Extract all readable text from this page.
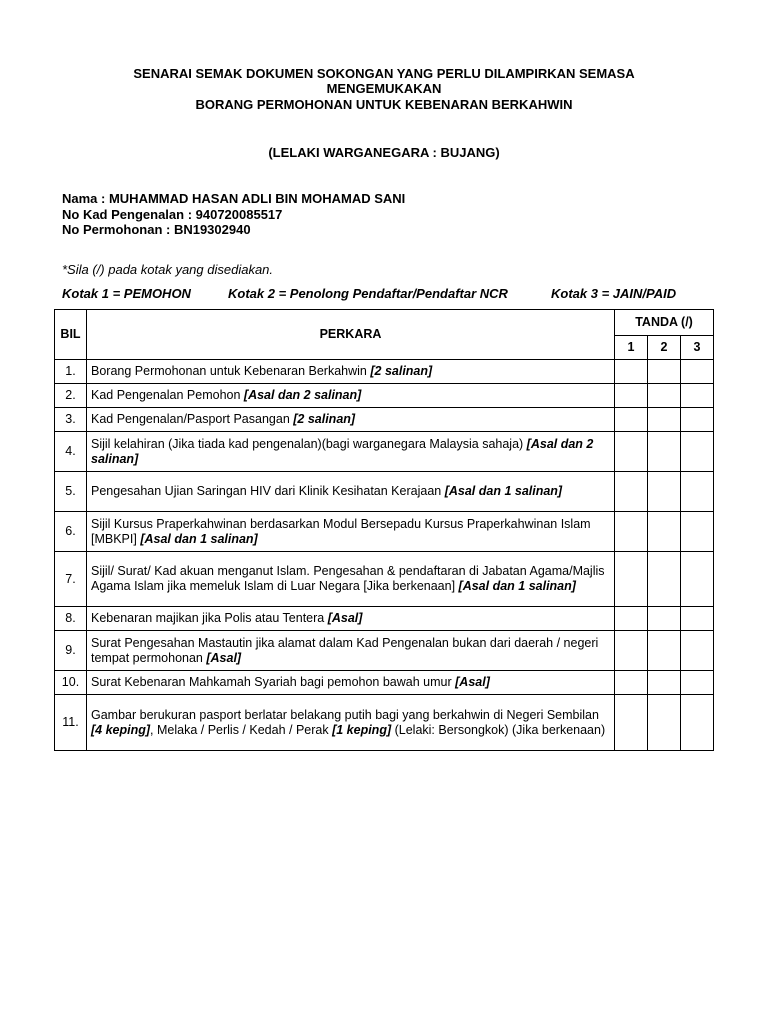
SENARAI SEMAK DOKUMEN SOKONGAN YANG PERLU DILAMPIRKAN SEMASA
MENGEMUKAKAN
BORANG PERMOHONAN UNTUK KEBENARAN BERKAHWIN
(LELAKI WARGANEGARA : BUJANG)
Nama : MUHAMMAD HASAN ADLI BIN MOHAMAD SANI
No Kad Pengenalan : 940720085517
No Permohonan : BN19302940
*Sila (/) pada kotak yang disediakan.
Kotak 1 = PEMOHON	Kotak 2 = Penolong Pendaftar/Pendaftar NCR	Kotak 3 = JAIN/PAID
BIL	PERKARA	TANDA (/)		
		1	2	3
1.	Borang Permohonan untuk Kebenaran Berkahwin [2 salinan]			
2.	Kad Pengenalan Pemohon [Asal dan 2 salinan]			
3.	Kad Pengenalan/Pasport Pasangan [2 salinan]			
4.	Sijil kelahiran (Jika tiada kad pengenalan)(bagi warganegara Malaysia sahaja) [Asal dan 2 salinan]			
5.	Pengesahan Ujian Saringan HIV dari Klinik Kesihatan Kerajaan [Asal dan 1 salinan]			
6.	Sijil Kursus Praperkahwinan berdasarkan Modul Bersepadu Kursus Praperkahwinan Islam [MBKPI] [Asal dan 1 salinan]			
7.	Sijil/ Surat/ Kad akuan menganut Islam. Pengesahan & pendaftaran di Jabatan Agama/Majlis Agama Islam jika memeluk Islam di Luar Negara [Jika berkenaan] [Asal dan 1 salinan]			
8.	Kebenaran majikan jika Polis atau Tentera [Asal]			
9.	Surat Pengesahan Mastautin jika alamat dalam Kad Pengenalan bukan dari daerah / negeri tempat permohonan [Asal]			
10.	Surat Kebenaran Mahkamah Syariah bagi pemohon bawah umur [Asal]			
11.	Gambar berukuran pasport berlatar belakang putih bagi yang berkahwin di Negeri Sembilan [4 keping], Melaka / Perlis / Kedah / Perak [1 keping] (Lelaki: Bersongkok) (Jika berkenaan)			
